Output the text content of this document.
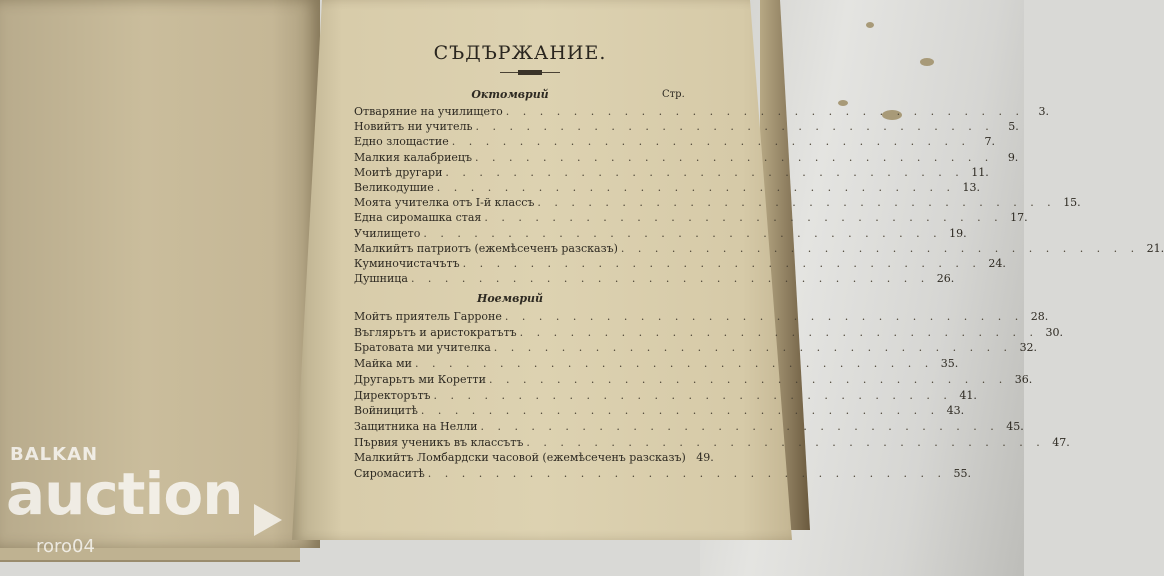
СЪДЪРЖАНИЕ.
Стр.
Октомврий
Отваряние на училището . . . . . . . . . . . . . . . . . . . . . . . . . . . . . . .	3.
Новийтъ ни учитель . . . . . . . . . . . . . . . . . . . . . . . . . . . . . . .	5.
Едно злощастие . . . . . . . . . . . . . . . . . . . . . . . . . . . . . . .	7.
Малкия калабриецъ . . . . . . . . . . . . . . . . . . . . . . . . . . . . . . .	9.
Моитѣ другари . . . . . . . . . . . . . . . . . . . . . . . . . . . . . . . 11.
Великодушие . . . . . . . . . . . . . . . . . . . . . . . . . . . . . . . 13.
Моята учителка отъ I-й классъ . . . . . . . . . . . . . . . . . . . . . . . . . . . . . . . 15.
Една сиромашка стая . . . . . . . . . . . . . . . . . . . . . . . . . . . . . . . 17.
Училището . . . . . . . . . . . . . . . . . . . . . . . . . . . . . . . 19.
Малкийтъ патриотъ (ежемѣсеченъ разсказъ) . . . . . . . . . . . . . . . . . . . . . . . . . . . . . . . 21.
Куминочистачътъ . . . . . . . . . . . . . . . . . . . . . . . . . . . . . . . 24.
Душница . . . . . . . . . . . . . . . . . . . . . . . . . . . . . . . 26.
Ноемврий
Мойтъ приятель Гарроне . . . . . . . . . . . . . . . . . . . . . . . . . . . . . . . 28.
Въглярътъ и аристократътъ . . . . . . . . . . . . . . . . . . . . . . . . . . . . . . . 30.
Братовата ми учителка . . . . . . . . . . . . . . . . . . . . . . . . . . . . . . . 32.
Майка ми . . . . . . . . . . . . . . . . . . . . . . . . . . . . . . . 35.
Другарьтъ ми Коретти . . . . . . . . . . . . . . . . . . . . . . . . . . . . . . . 36.
Директорътъ . . . . . . . . . . . . . . . . . . . . . . . . . . . . . . . 41.
Войницитѣ . . . . . . . . . . . . . . . . . . . . . . . . . . . . . . . 43.
Защитника на Нелли . . . . . . . . . . . . . . . . . . . . . . . . . . . . . . . 45.
Първия ученикъ въ классътъ . . . . . . . . . . . . . . . . . . . . . . . . . . . . . . . 47.
Малкийтъ Ломбардски часовой (ежемѣсеченъ разсказъ) 49.
Сиромаситѣ . . . . . . . . . . . . . . . . . . . . . . . . . . . . . . . 55.
BALKAN
auction
roro04
